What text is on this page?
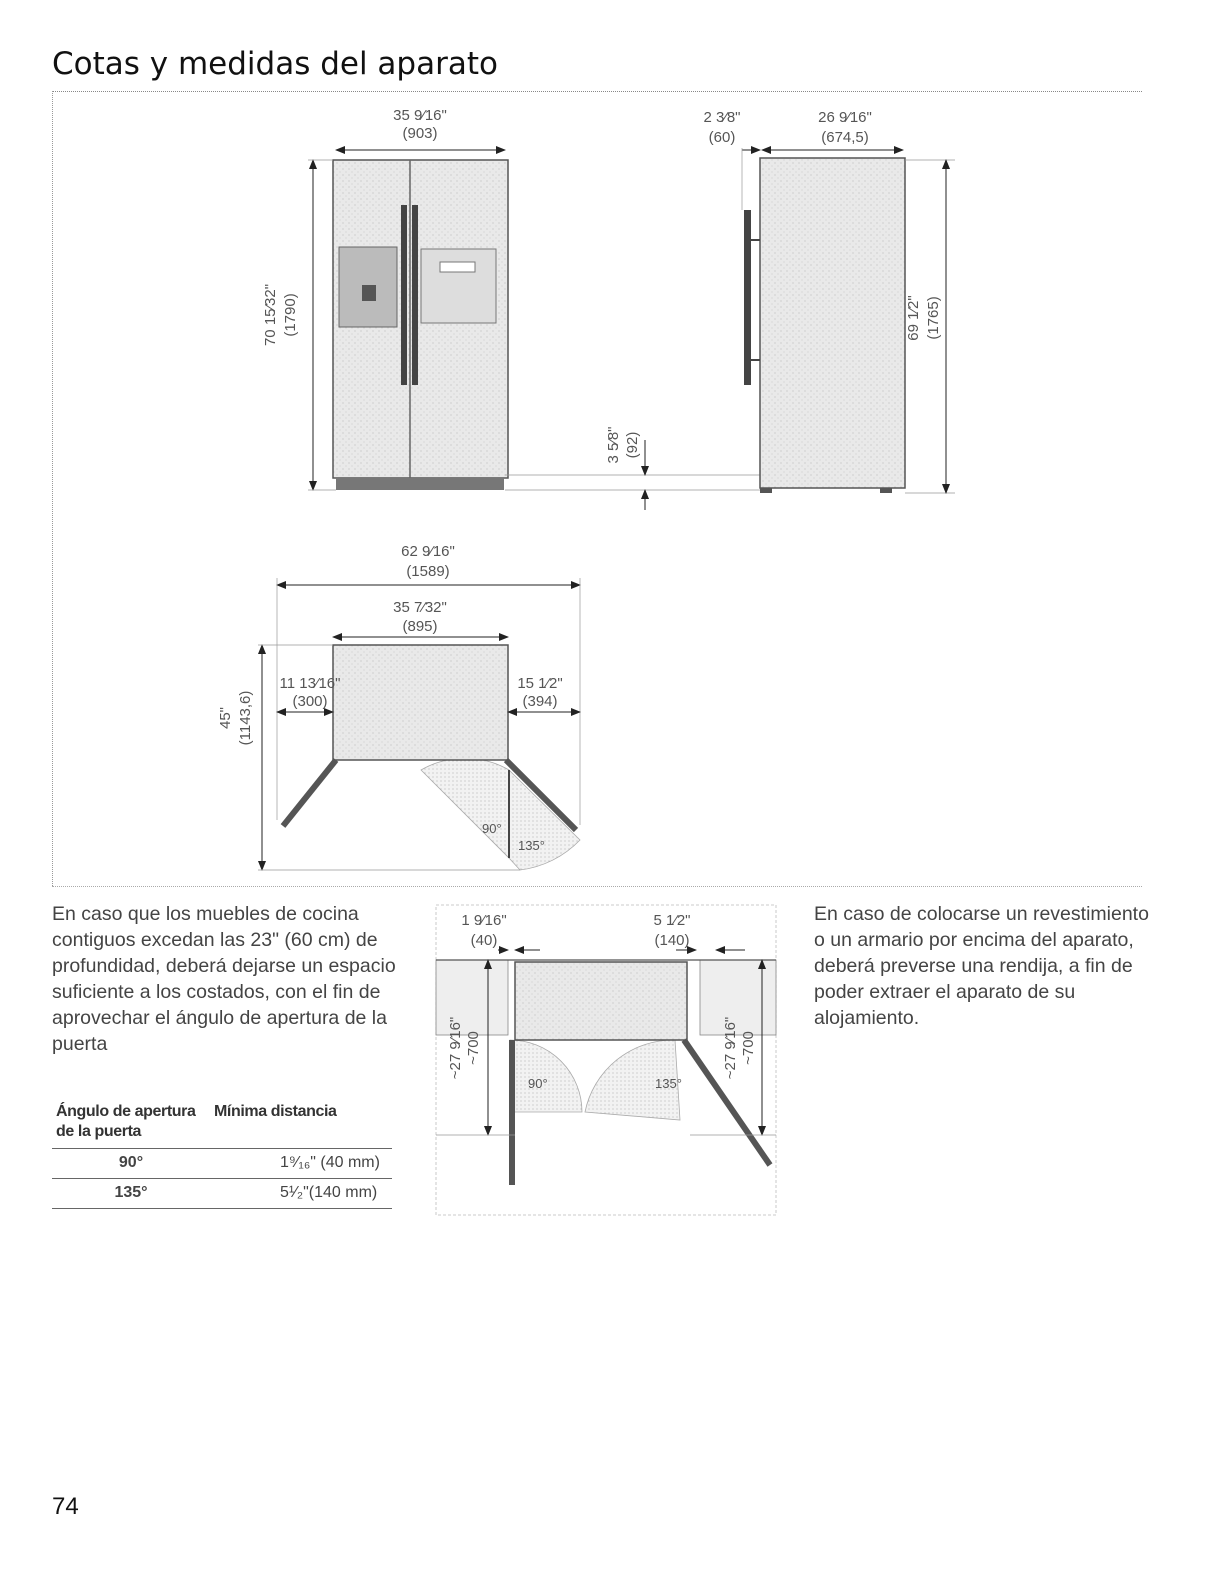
Cotas y medidas del aparato
35 9⁄16"
(903)
70 15⁄32" (1790)
3 5⁄8" (92)
2 3⁄8"
(60)
26 9⁄16"
(674,5)
69 1⁄2" (1765)
90°
135°
62 9⁄16"
(1589)
35 7⁄32"
(895)
11 13⁄16"
(300)
15 1⁄2"
(394)
45" (1143,6)
90°	135°
1 9⁄16"
(40)
5 1⁄2"
(140)
~27 9⁄16" ~700	~27 9⁄16" ~700
En caso que los muebles de cocina contiguos excedan las 23" (60 cm) de profundidad, deberá dejarse un espacio suficiente a los costados, con el fin de aprovechar el ángulo de apertura de la puerta
En caso de colocarse un revestimiento o un armario por encima del aparato, deberá preverse una rendija, a fin de poder extraer el aparato de su alojamiento.
Ángulo de apertura de la puerta	Mínima distancia
90°	1⁹⁄₁₆" (40 mm)
135°	5¹⁄₂"(140 mm)
74
